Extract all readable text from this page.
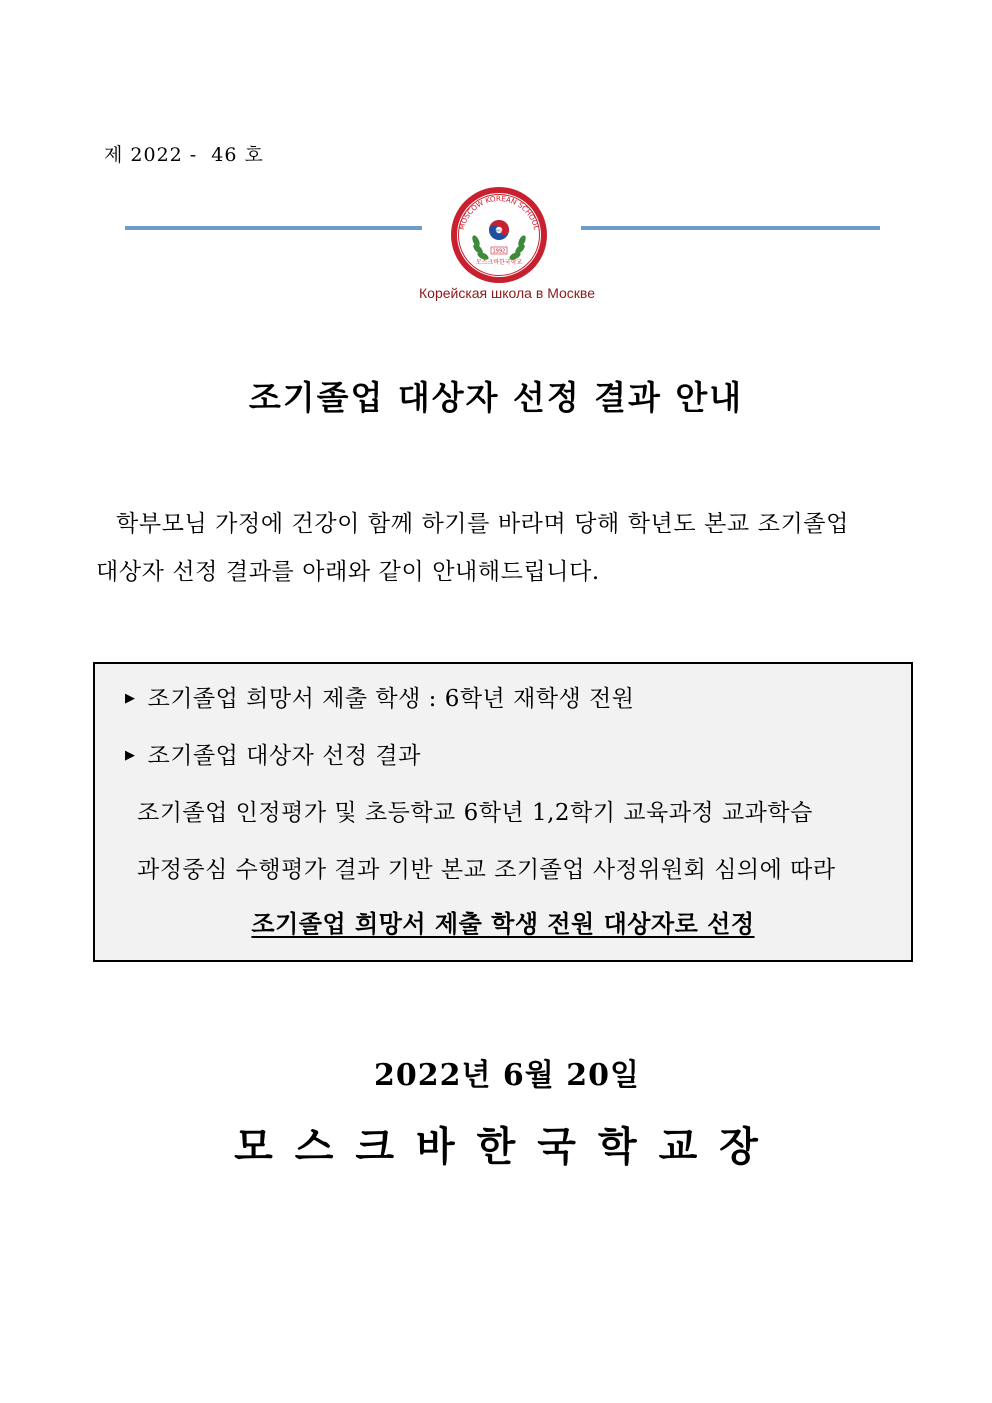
제 2022 -  46 호
MOSCOW KOREAN SCHOOL
MKS
1992
모스크바한국학교
Корейская школа в Москве
조기졸업 대상자 선정 결과 안내
학부모님 가정에 건강이 함께 하기를 바라며 당해 학년도 본교 조기졸업
대상자 선정 결과를 아래와 같이 안내해드립니다.
▶ 조기졸업 희망서 제출 학생 : 6학년 재학생 전원
▶ 조기졸업 대상자 선정 결과
조기졸업 인정평가 및 초등학교 6학년 1,2학기 교육과정 교과학습
과정중심 수행평가 결과 기반 본교 조기졸업 사정위원회 심의에 따라
조기졸업 희망서 제출 학생 전원 대상자로 선정
2022년 6월 20일
모스크바한국학교장
